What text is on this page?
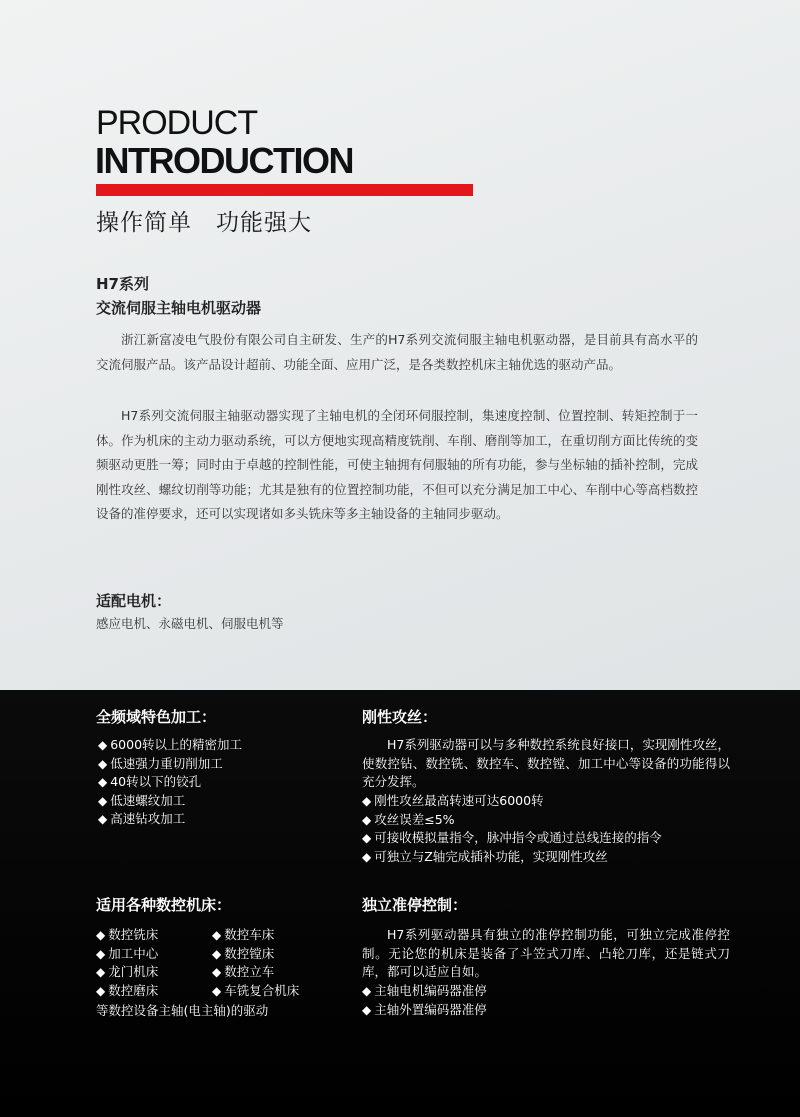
PRODUCT
INTRODUCTION
操作简单　功能强大
H7系列
交流伺服主轴电机驱动器
浙江新富凌电气股份有限公司自主研发、生产的H7系列交流伺服主轴电机驱动器，是目前具有高水平的交流伺服产品。该产品设计超前、功能全面、应用广泛，是各类数控机床主轴优选的驱动产品。
H7系列交流伺服主轴驱动器实现了主轴电机的全闭环伺服控制，集速度控制、位置控制、转矩控制于一体。作为机床的主动力驱动系统，可以方便地实现高精度铣削、车削、磨削等加工，在重切削方面比传统的变频驱动更胜一筹；同时由于卓越的控制性能，可使主轴拥有伺服轴的所有功能，参与坐标轴的插补控制，完成刚性攻丝、螺纹切削等功能；尤其是独有的位置控制功能，不但可以充分满足加工中心、车削中心等高档数控设备的准停要求，还可以实现诸如多头铣床等多主轴设备的主轴同步驱动。
适配电机：
感应电机、永磁电机、伺服电机等
全频域特色加工：
◆ 6000转以上的精密加工
◆ 低速强力重切削加工
◆ 40转以下的铰孔
◆ 低速螺纹加工
◆ 高速钻攻加工
刚性攻丝：
H7系列驱动器可以与多种数控系统良好接口，实现刚性攻丝，使数控钻、数控铣、数控车、数控镗、加工中心等设备的功能得以充分发挥。
◆ 刚性攻丝最高转速可达6000转
◆ 攻丝误差≤5%
◆ 可接收模拟量指令，脉冲指令或通过总线连接的指令
◆ 可独立与Z轴完成插补功能，实现刚性攻丝
适用各种数控机床：
◆ 数控铣床	◆ 数控车床
◆ 加工中心	◆ 数控镗床
◆ 龙门机床	◆ 数控立车
◆ 数控磨床	◆ 车铣复合机床
等数控设备主轴(电主轴)的驱动
独立准停控制：
H7系列驱动器具有独立的准停控制功能，可独立完成准停控制。无论您的机床是装备了斗笠式刀库、凸轮刀库，还是链式刀库，都可以适应自如。
◆ 主轴电机编码器准停
◆ 主轴外置编码器准停
